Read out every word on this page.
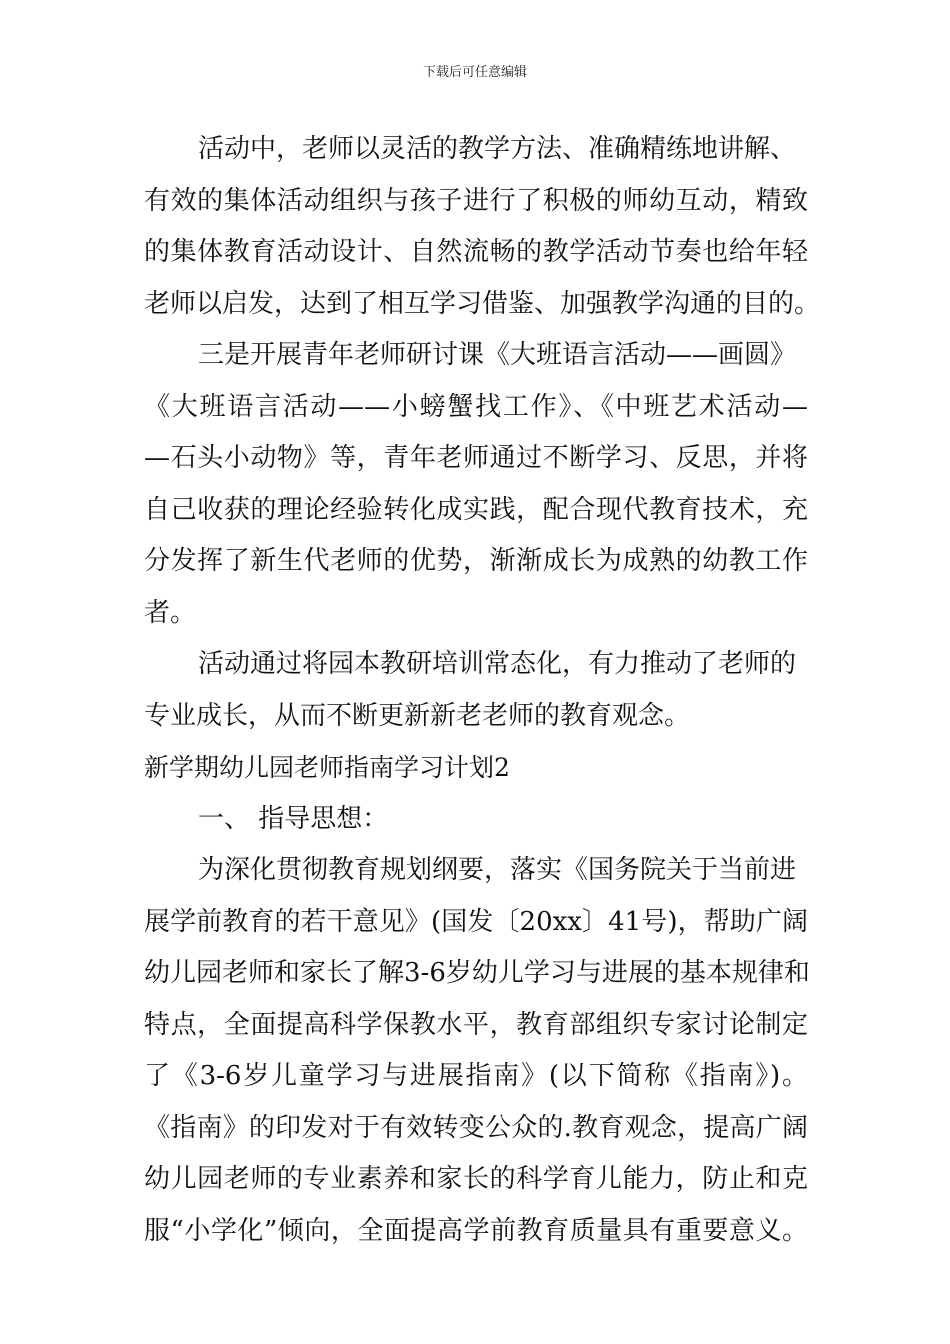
下载后可任意编辑
活动中，老师以灵活的教学方法、准确精练地讲解、
有效的集体活动组织与孩子进行了积极的师幼互动，精致
的集体教育活动设计、自然流畅的教学活动节奏也给年轻
老师以启发，达到了相互学习借鉴、加强教学沟通的目的。
三是开展青年老师研讨课《大班语言活动——画圆》
《大班语言活动——小螃蟹找工作》、《中班艺术活动—
—石头小动物》等，青年老师通过不断学习、反思，并将
自己收获的理论经验转化成实践，配合现代教育技术，充
分发挥了新生代老师的优势，渐渐成长为成熟的幼教工作
者。
活动通过将园本教研培训常态化，有力推动了老师的
专业成长，从而不断更新新老老师的教育观念。
新学期幼儿园老师指南学习计划2
一、 指导思想：
为深化贯彻教育规划纲要，落实《国务院关于当前进
展学前教育的若干意见》(国发〔20xx〕41号)，帮助广阔
幼儿园老师和家长了解3-6岁幼儿学习与进展的基本规律和
特点，全面提高科学保教水平，教育部组织专家讨论制定
了《3-6岁儿童学习与进展指南》(以下简称《指南》)。
《指南》的印发对于有效转变公众的.教育观念，提高广阔
幼儿园老师的专业素养和家长的科学育儿能力，防止和克
服“小学化”倾向，全面提高学前教育质量具有重要意义。
